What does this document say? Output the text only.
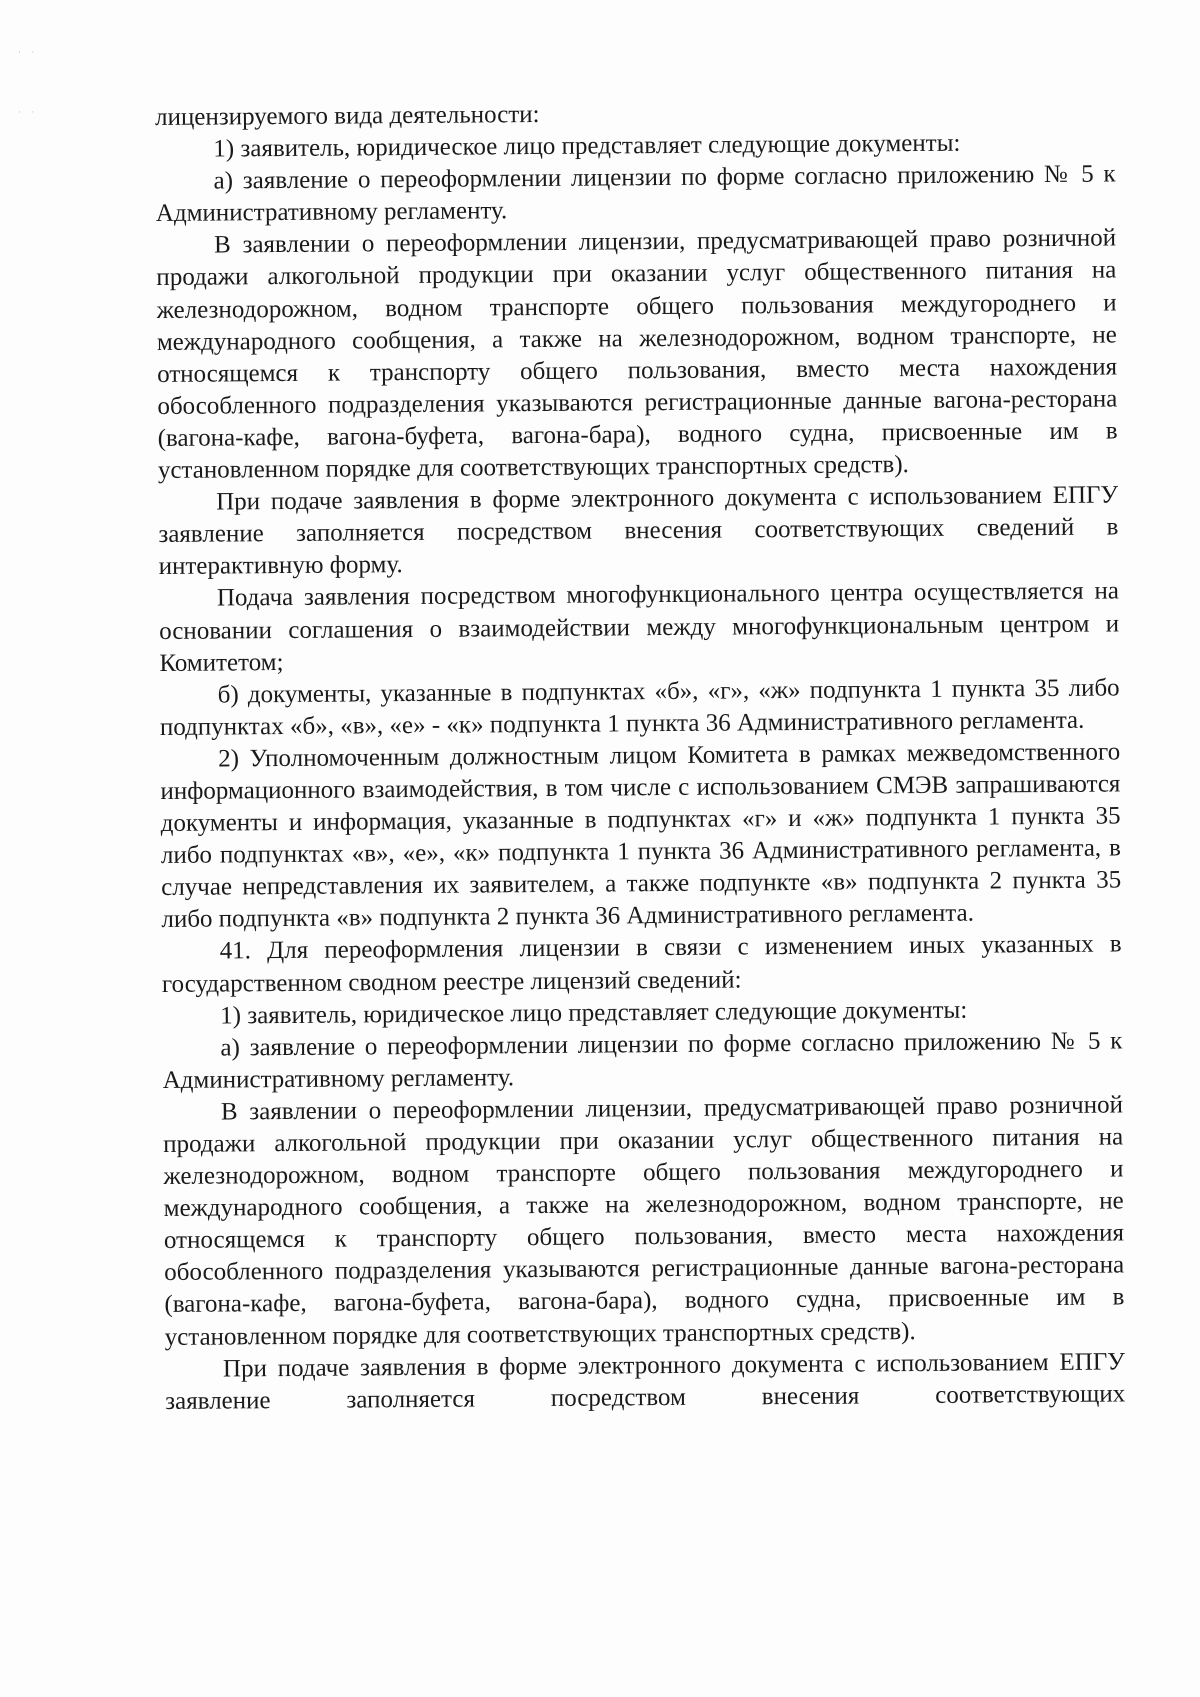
· ·
· ·	лицензируемого вида деятельности:

1) заявитель, юридическое лицо представляет следующие документы:

а) заявление о переоформлении лицензии по форме согласно приложению № 5 к Административному регламенту.

В заявлении о переоформлении лицензии, предусматривающей право розничной продажи алкогольной продукции при оказании услуг общественного питания на железнодорожном, водном транспорте общего пользования междугороднего и международного сообщения, а также на железнодорожном, водном транспорте, не относящемся к транспорту общего пользования, вместо места нахождения обособленного подразделения указываются регистрационные данные вагона-ресторана (вагона-кафе, вагона-буфета, вагона-бара), водного судна, присвоенные им в установленном порядке для соответствующих транспортных средств).

При подаче заявления в форме электронного документа с использованием ЕПГУ заявление заполняется посредством внесения соответствующих сведений в интерактивную форму.

Подача заявления посредством многофункционального центра осуществляется на основании соглашения о взаимодействии между многофункциональным центром и Комитетом;

б) документы, указанные в подпунктах «б», «г», «ж» подпункта 1 пункта 35 либо подпунктах «б», «в», «е» - «к» подпункта 1 пункта 36 Административного регламента.

2) Уполномоченным должностным лицом Комитета в рамках межведомственного информационного взаимодействия, в том числе с использованием СМЭВ запрашиваются документы и информация, указанные в подпунктах «г» и «ж» подпункта 1 пункта 35 либо подпунктах «в», «е», «к» подпункта 1 пункта 36 Административного регламента, в случае непредставления их заявителем, а также подпункте «в» подпункта 2 пункта 35 либо подпункта «в» подпункта 2 пункта 36 Административного регламента.

41. Для переоформления лицензии в связи с изменением иных указанных в государственном сводном реестре лицензий сведений:

1) заявитель, юридическое лицо представляет следующие документы:

а) заявление о переоформлении лицензии по форме согласно приложению № 5 к Административному регламенту.

В заявлении о переоформлении лицензии, предусматривающей право розничной продажи алкогольной продукции при оказании услуг общественного питания на железнодорожном, водном транспорте общего пользования междугороднего и международного сообщения, а также на железнодорожном, водном транспорте, не относящемся к транспорту общего пользования, вместо места нахождения обособленного подразделения указываются регистрационные данные вагона-ресторана (вагона-кафе, вагона-буфета, вагона-бара), водного судна, присвоенные им в установленном порядке для соответствующих транспортных средств).

При подаче заявления в форме электронного документа с использованием ЕПГУ заявление заполняется посредством внесения соответствующих
